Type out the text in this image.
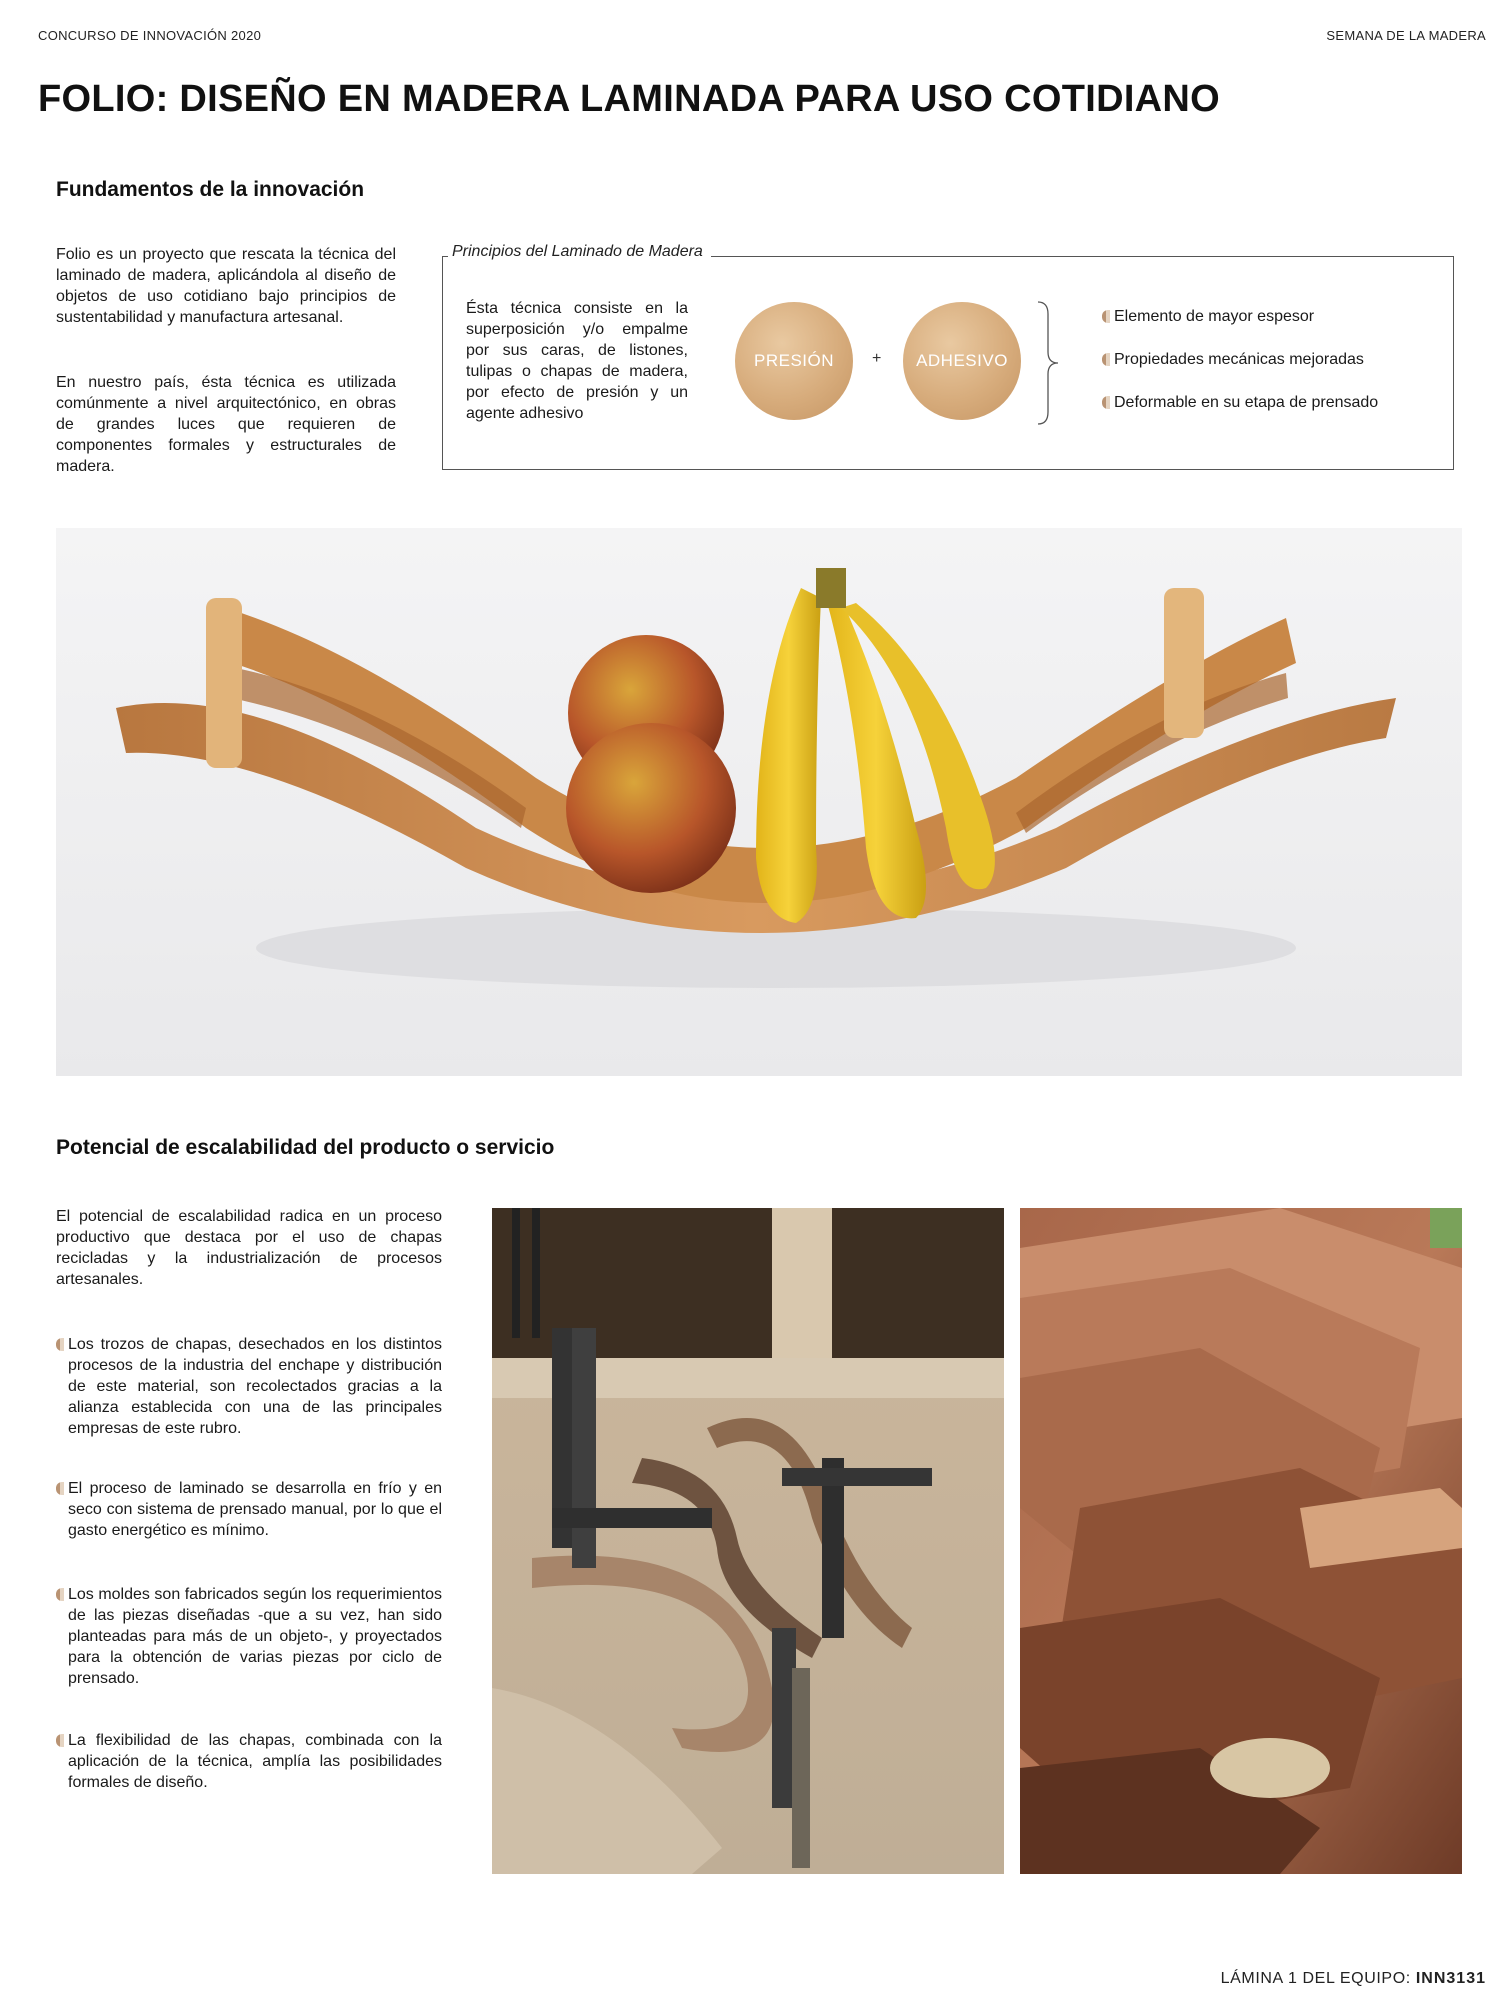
CONCURSO DE INNOVACIÓN 2020	SEMANA DE LA MADERA
FOLIO: DISEÑO EN MADERA LAMINADA PARA USO COTIDIANO
Fundamentos de la innovación
Folio es un proyecto que rescata la técnica del laminado de madera, aplicándola al diseño de objetos de uso cotidiano bajo principios de sustentabilidad y manufactura artesanal.
En nuestro país, ésta técnica es utilizada comúnmente a nivel arquitectónico, en obras de grandes luces que requieren de componentes formales y estructurales de madera.
Principios del Laminado de Madera
Ésta técnica consiste en la superposición y/o empalme por sus caras, de listones, tulipas o chapas de madera, por efecto de presión y un agente adhesivo
PRESIÓN + ADHESIVO
Elemento de mayor espesor
Propiedades mecánicas mejoradas
Deformable en su etapa de prensado
Potencial de escalabilidad del producto o servicio
El potencial de escalabilidad radica en un proceso productivo que destaca por el uso de chapas recicladas y la industrialización de procesos artesanales.
Los trozos de chapas, desechados en los distintos procesos de la industria del enchape y distribución de este material, son recolectados gracias a la alianza establecida con una de las principales empresas de este rubro.
El proceso de laminado se desarrolla en frío y en seco con sistema de prensado manual, por lo que el gasto energético es mínimo.
Los moldes son fabricados según los requerimientos de las piezas diseñadas -que a su vez, han sido planteadas para más de un objeto-, y proyectados para la obtención de varias piezas por ciclo de prensado.
La flexibilidad de las chapas, combinada con la aplicación de la técnica, amplía las posibilidades formales de diseño.
LÁMINA 1 DEL EQUIPO: INN3131
